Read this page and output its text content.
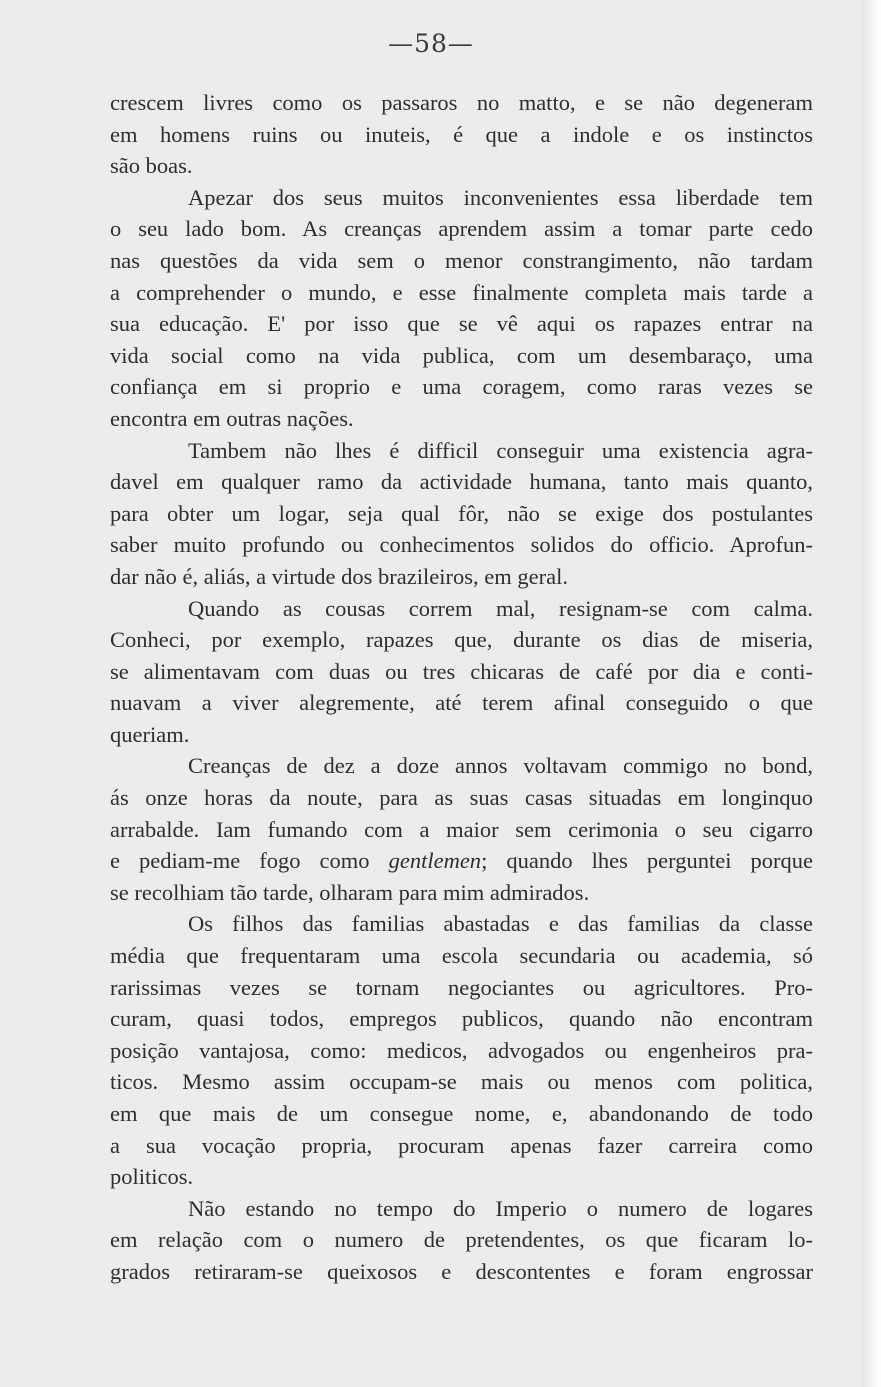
—58—
crescem livres como os passaros no matto, e se não degeneram
em homens ruins ou inuteis, é que a indole e os instinctos
são boas.
Apezar dos seus muitos inconvenientes essa liberdade tem
o seu lado bom. As creanças aprendem assim a tomar parte cedo
nas questões da vida sem o menor constrangimento, não tardam
a comprehender o mundo, e esse finalmente completa mais tarde a
sua educação. E' por isso que se vê aqui os rapazes entrar na
vida social como na vida publica, com um desembaraço, uma
confiança em si proprio e uma coragem, como raras vezes se
encontra em outras nações.
Tambem não lhes é difficil conseguir uma existencia agra-
davel em qualquer ramo da actividade humana, tanto mais quanto,
para obter um logar, seja qual fôr, não se exige dos postulantes
saber muito profundo ou conhecimentos solidos do officio. Aprofun-
dar não é, aliás, a virtude dos brazileiros, em geral.
Quando as cousas correm mal, resignam-se com calma.
Conheci, por exemplo, rapazes que, durante os dias de miseria,
se alimentavam com duas ou tres chicaras de café por dia e conti-
nuavam a viver alegremente, até terem afinal conseguido o que
queriam.
Creanças de dez a doze annos voltavam commigo no bond,
ás onze horas da noute, para as suas casas situadas em longinquo
arrabalde. Iam fumando com a maior sem cerimonia o seu cigarro
e pediam-me fogo como gentlemen; quando lhes perguntei porque
se recolhiam tão tarde, olharam para mim admirados.
Os filhos das familias abastadas e das familias da classe
média que frequentaram uma escola secundaria ou academia, só
rarissimas vezes se tornam negociantes ou agricultores. Pro-
curam, quasi todos, empregos publicos, quando não encontram
posição vantajosa, como: medicos, advogados ou engenheiros pra-
ticos. Mesmo assim occupam-se mais ou menos com politica,
em que mais de um consegue nome, e, abandonando de todo
a sua vocação propria, procuram apenas fazer carreira como
politicos.
Não estando no tempo do Imperio o numero de logares
em relação com o numero de pretendentes, os que ficaram lo-
grados retiraram-se queixosos e descontentes e foram engrossar
